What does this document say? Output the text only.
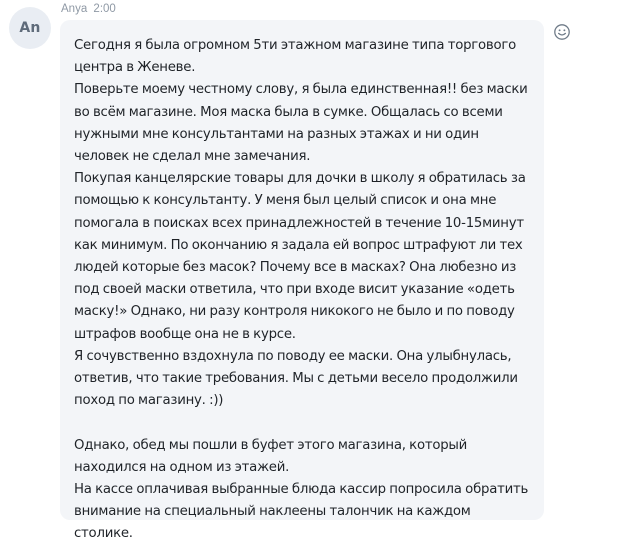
An
Anya 2:00

Сегодня я была огромном 5ти этажном магазине типа торгового центра в Женеве.
Поверьте моему честному слову, я была единственная!! без маски во всём магазине. Моя маска была в сумке. Общалась со всеми нужными мне консультантами на разных этажах и ни один человек не сделал мне замечания.
Покупая канцелярские товары для дочки в школу я обратилась за помощью к консультанту. У меня был целый список и она мне помогала в поисках всех принадлежностей в течение 10-15минут как минимум. По окончанию я задала ей вопрос штрафуют ли тех людей которые без масок? Почему все в масках? Она любезно из под своей маски ответила, что при входе висит указание «одеть маску!» Однако, ни разу контроля никокого не было и по поводу штрафов вообще она не в курсе.
Я сочувственно вздохнула по поводу ее маски. Она улыбнулась, ответив, что такие требования. Мы с детьми весело продолжили поход по магазину. :))

Однако, обед мы пошли в буфет этого магазина, который находился на одном из этажей.
На кассе оплачивая выбранные блюда кассир попросила обратить внимание на специальный наклеены талончик на каждом столике.
